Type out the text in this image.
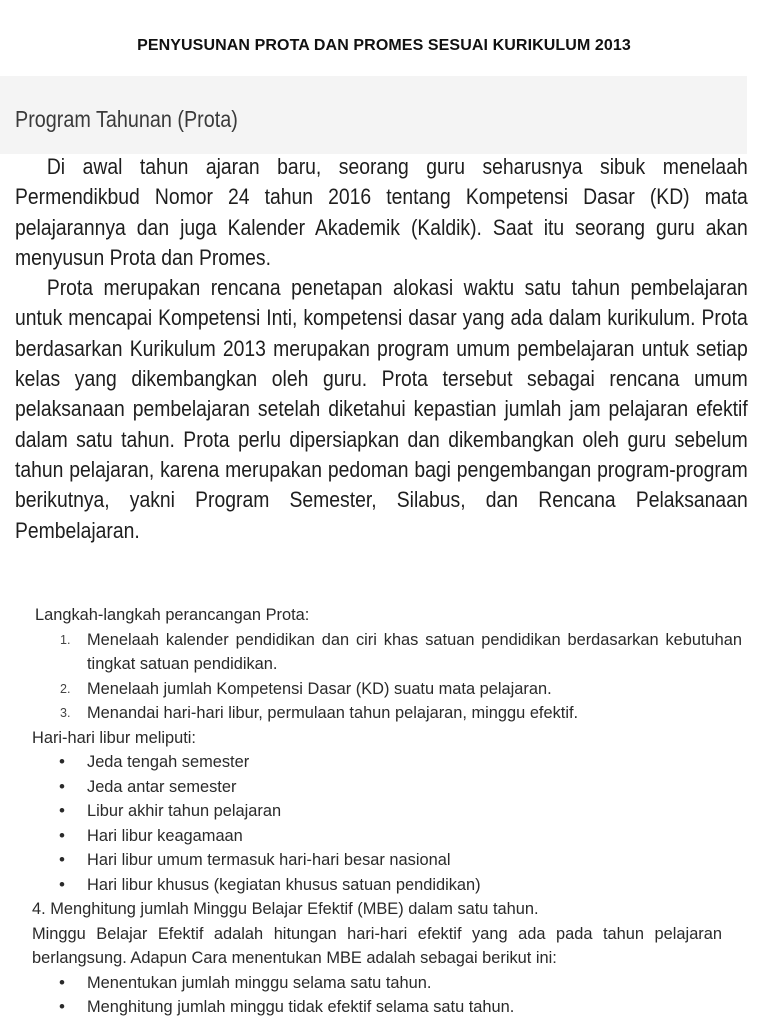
PENYUSUNAN PROTA DAN PROMES SESUAI KURIKULUM 2013
Program Tahunan (Prota)

Di awal tahun ajaran baru, seorang guru seharusnya sibuk menelaah Permendikbud Nomor 24 tahun 2016 tentang Kompetensi Dasar (KD) mata pelajarannya dan juga Kalender Akademik (Kaldik). Saat itu seorang guru akan menyusun Prota dan Promes.

Prota merupakan rencana penetapan alokasi waktu satu tahun pembelajaran untuk mencapai Kompetensi Inti, kompetensi dasar yang ada dalam kurikulum. Prota berdasarkan Kurikulum 2013 merupakan program umum pembelajaran untuk setiap kelas yang dikembangkan oleh guru. Prota tersebut sebagai rencana umum pelaksanaan pembelajaran setelah diketahui kepastian jumlah jam pelajaran efektif dalam satu tahun. Prota perlu dipersiapkan dan dikembangkan oleh guru sebelum tahun pelajaran, karena merupakan pedoman bagi pengembangan program-program berikutnya, yakni Program Semester, Silabus, dan Rencana Pelaksanaan Pembelajaran.

Langkah-langkah perancangan Prota:
1. Menelaah kalender pendidikan dan ciri khas satuan pendidikan berdasarkan kebutuhan tingkat satuan pendidikan.
2. Menelaah jumlah Kompetensi Dasar (KD) suatu mata pelajaran.
3. Menandai hari-hari libur, permulaan tahun pelajaran, minggu efektif.
Hari-hari libur meliputi:
• Jeda tengah semester
• Jeda antar semester
• Libur akhir tahun pelajaran
• Hari libur keagamaan
• Hari libur umum termasuk hari-hari besar nasional
• Hari libur khusus (kegiatan khusus satuan pendidikan)
4. Menghitung jumlah Minggu Belajar Efektif (MBE) dalam satu tahun.
Minggu Belajar Efektif adalah hitungan hari-hari efektif yang ada pada tahun pelajaran berlangsung. Adapun Cara menentukan MBE adalah sebagai berikut ini:
• Menentukan jumlah minggu selama satu tahun.
• Menghitung jumlah minggu tidak efektif selama satu tahun.
